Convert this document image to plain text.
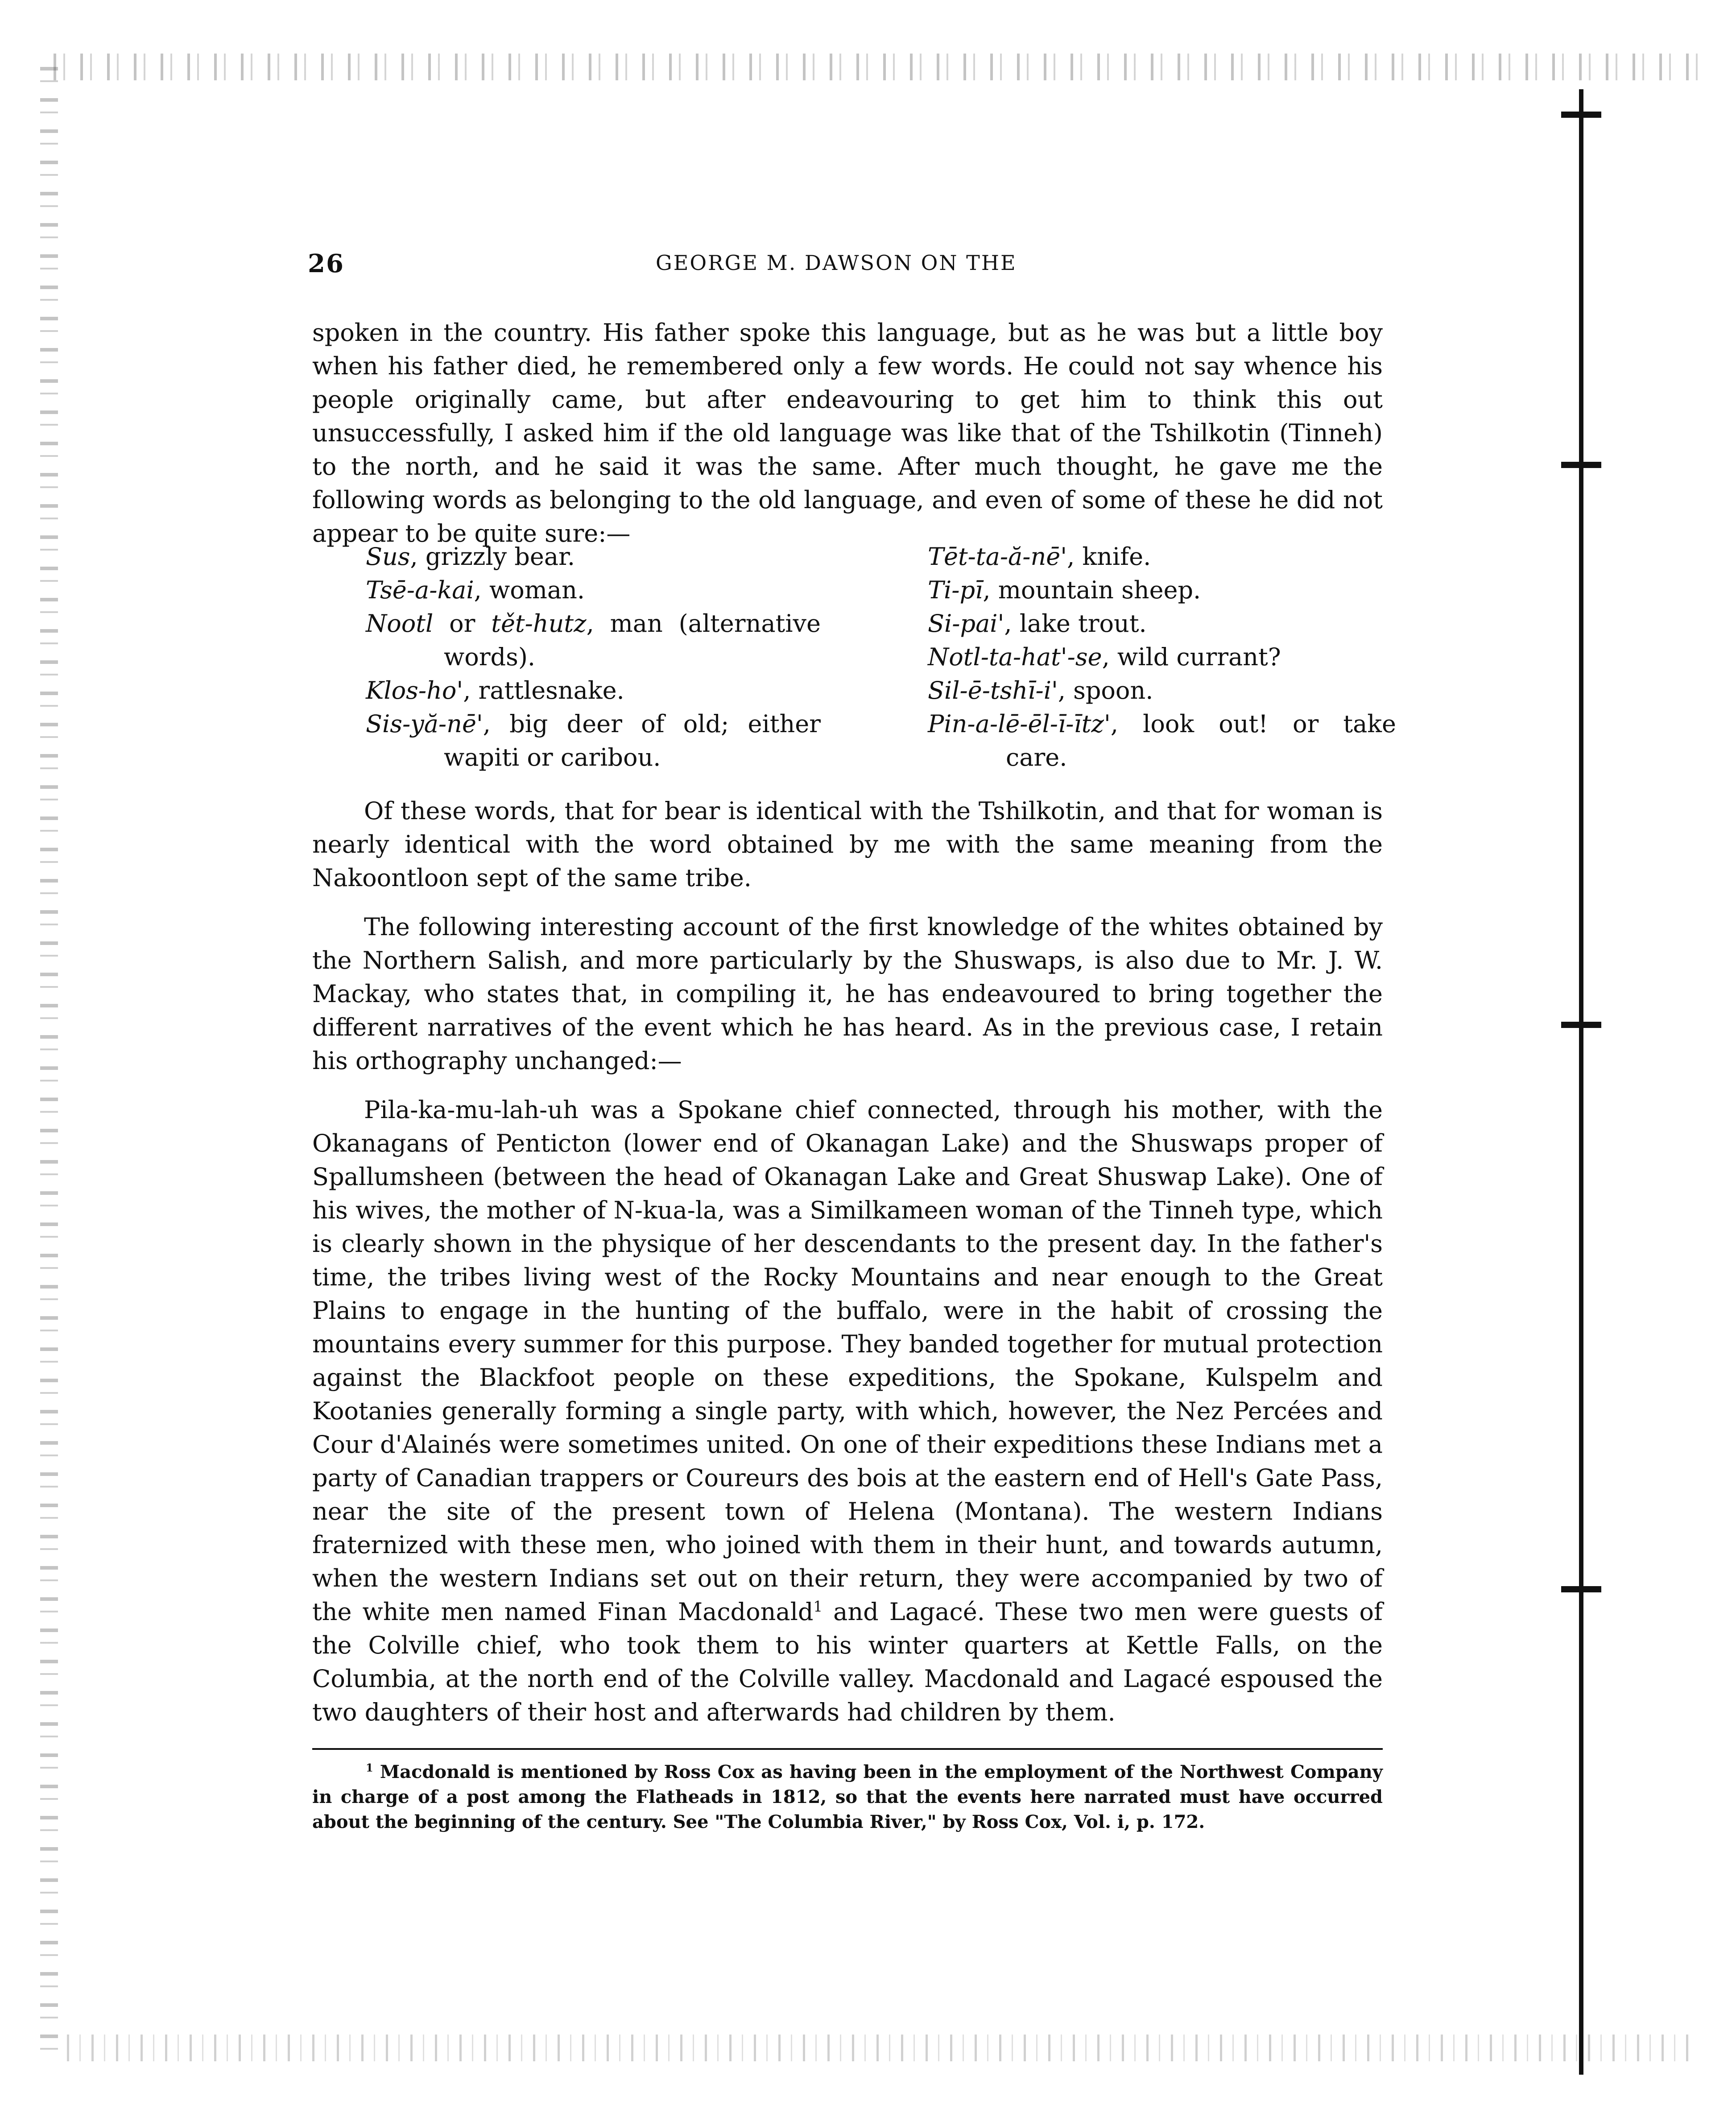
26	GEORGE M. DAWSON ON THE
spoken in the country. His father spoke this language, but as he was but a little boy when his father died, he remembered only a few words. He could not say whence his people originally came, but after endeavouring to get him to think this out unsuccessfully, I asked him if the old language was like that of the Tshilkotin (Tinneh) to the north, and he said it was the same. After much thought, he gave me the following words as belonging to the old language, and even of some of these he did not appear to be quite sure:—
Sus, grizzly bear.
Tsē-a-kai, woman.
Nootl or tět-hutz, man (alternative words).
Klos-ho', rattlesnake.
Sis-yă-nē', big deer of old; either wapiti or caribou.
Tēt-ta-ă-nē', knife.
Ti-pī, mountain sheep.
Si-pai', lake trout.
Notl-ta-hat'-se, wild currant?
Sil-ē-tshī-i', spoon.
Pin-a-lē-ēl-ī-ītz', look out! or take care.
Of these words, that for bear is identical with the Tshilkotin, and that for woman is nearly identical with the word obtained by me with the same meaning from the Nakoontloon sept of the same tribe.
The following interesting account of the first knowledge of the whites obtained by the Northern Salish, and more particularly by the Shuswaps, is also due to Mr. J. W. Mackay, who states that, in compiling it, he has endeavoured to bring together the different narratives of the event which he has heard. As in the previous case, I retain his orthography unchanged:—
Pila-ka-mu-lah-uh was a Spokane chief connected, through his mother, with the Okanagans of Penticton (lower end of Okanagan Lake) and the Shuswaps proper of Spallumsheen (between the head of Okanagan Lake and Great Shuswap Lake). One of his wives, the mother of N-kua-la, was a Similkameen woman of the Tinneh type, which is clearly shown in the physique of her descendants to the present day. In the father's time, the tribes living west of the Rocky Mountains and near enough to the Great Plains to engage in the hunting of the buffalo, were in the habit of crossing the mountains every summer for this purpose. They banded together for mutual protection against the Blackfoot people on these expeditions, the Spokane, Kulspelm and Kootanies generally forming a single party, with which, however, the Nez Percées and Cour d'Alainés were sometimes united. On one of their expeditions these Indians met a party of Canadian trappers or Coureurs des bois at the eastern end of Hell's Gate Pass, near the site of the present town of Helena (Montana). The western Indians fraternized with these men, who joined with them in their hunt, and towards autumn, when the western Indians set out on their return, they were accompanied by two of the white men named Finan Macdonald$^1$ and Lagacé. These two men were guests of the Colville chief, who took them to his winter quarters at Kettle Falls, on the Columbia, at the north end of the Colville valley. Macdonald and Lagacé espoused the two daughters of their host and afterwards had children by them.
$^1$ Macdonald is mentioned by Ross Cox as having been in the employment of the Northwest Company in charge of a post among the Flatheads in 1812, so that the events here narrated must have occurred about the beginning of the century. See "The Columbia River," by Ross Cox, Vol. i, p. 172.
